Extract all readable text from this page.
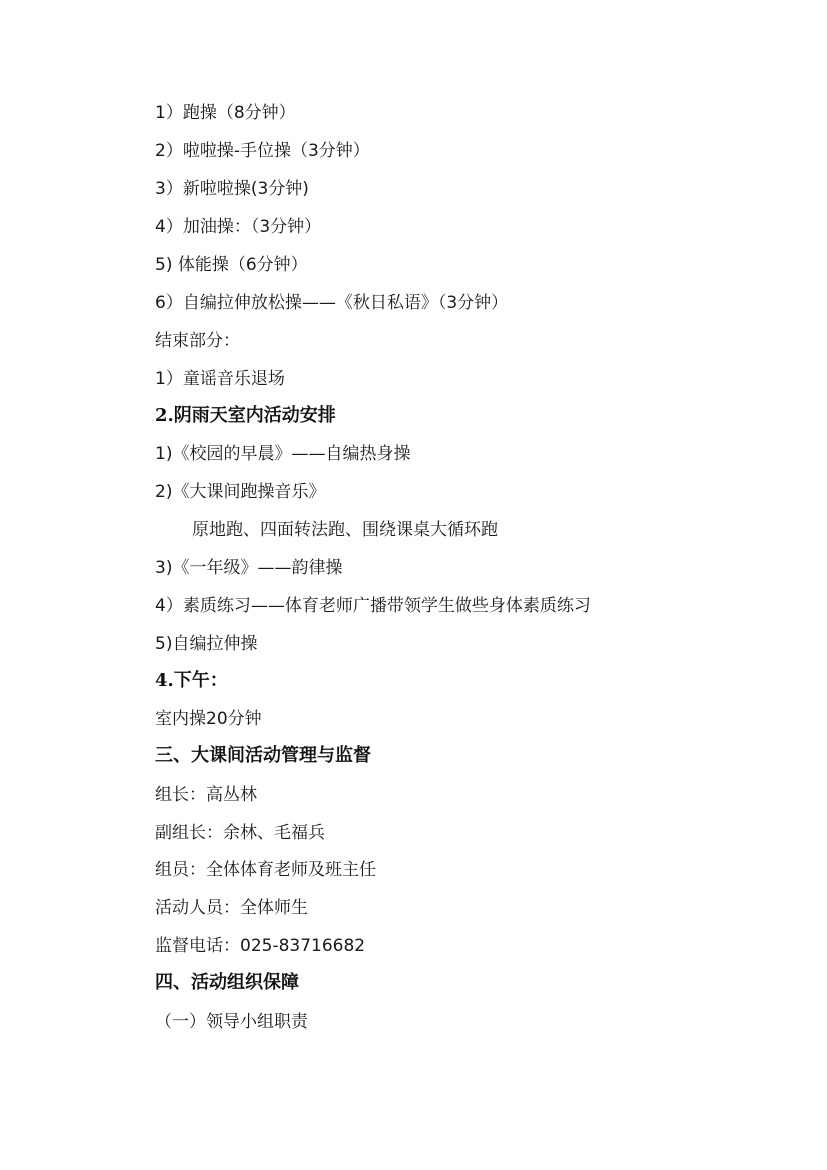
1）跑操（8分钟）
2）啦啦操-手位操（3分钟）
3）新啦啦操(3分钟)
4）加油操：（3分钟）
5) 体能操（6分钟）
6）自编拉伸放松操——《秋日私语》（3分钟）
结束部分：
1）童谣音乐退场
2.阴雨天室内活动安排
1)《校园的早晨》——自编热身操
2)《大课间跑操音乐》
原地跑、四面转法跑、围绕课桌大循环跑
3)《一年级》——韵律操
4）素质练习——体育老师广播带领学生做些身体素质练习
5)自编拉伸操
4.下午：
室内操20分钟
三、大课间活动管理与监督
组长：高丛林
副组长：余林、毛福兵
组员：全体体育老师及班主任
活动人员：全体师生
监督电话：025-83716682
四、活动组织保障
（一）领导小组职责
